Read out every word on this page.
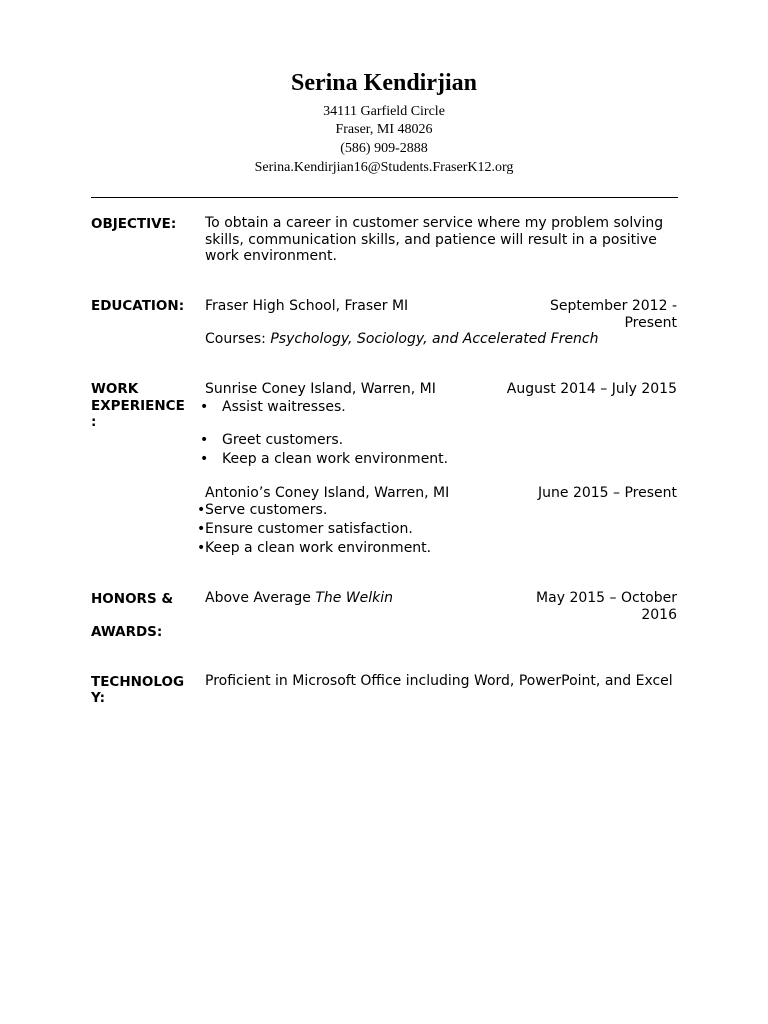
Serina Kendirjian
34111 Garfield Circle
Fraser, MI 48026
(586) 909-2888
Serina.Kendirjian16@Students.FraserK12.org
OBJECTIVE: To obtain a career in customer service where my problem solving
skills, communication skills, and patience will result in a positive
work environment.
EDUCATION: Fraser High School, Fraser MI	September 2012 -
Present
Courses: Psychology, Sociology, and Accelerated French
WORK
EXPERIENCE
:
Sunrise Coney Island, Warren, MI	August 2014 – July 2015
• Assist waitresses.
• Greet customers.
• Keep a clean work environment.
Antonio’s Coney Island, Warren, MI	June 2015 – Present
• Serve customers.
• Ensure customer satisfaction.
• Keep a clean work environment.
HONORS &
AWARDS:
Above Average The Welkin	May 2015 – October
2016
TECHNOLOG
Y:
Proficient in Microsoft Office including Word, PowerPoint, and Excel
